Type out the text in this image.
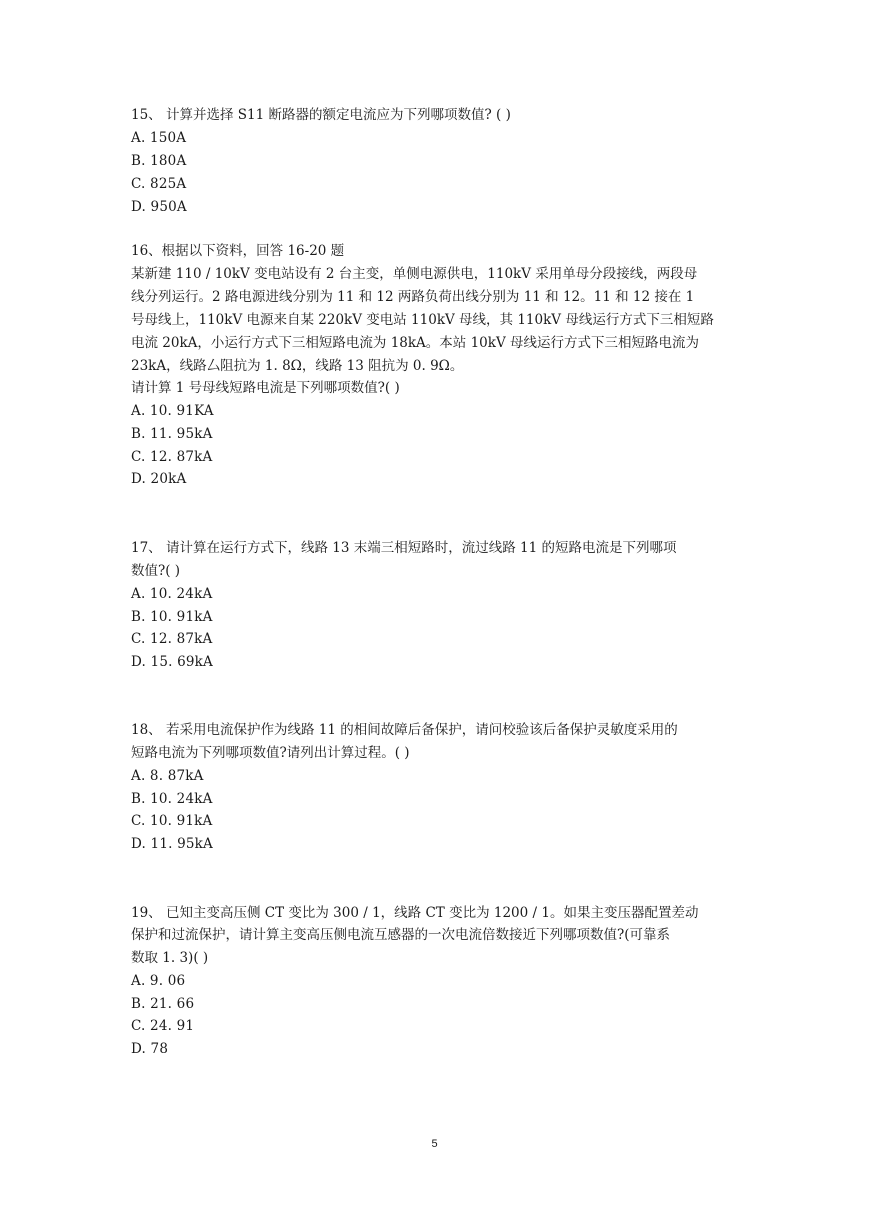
15、 计算并选择 S11 断路器的额定电流应为下列哪项数值? ( )
A. 150A
B. 180A
C. 825A
D. 950A
16、根据以下资料，回答 16-20 题
某新建 110 / 10kV 变电站设有 2 台主变，单侧电源供电，110kV 采用单母分段接线，两段母
线分列运行。2 路电源进线分别为 11 和 12 两路负荷出线分别为 11 和 12。11 和 12 接在 1
号母线上，110kV 电源来自某 220kV 变电站 110kV 母线，其 110kV 母线运行方式下三相短路
电流 20kA，小运行方式下三相短路电流为 18kA。本站 10kV 母线运行方式下三相短路电流为
23kA，线路厶阻抗为 1. 8Ω，线路 13 阻抗为 0. 9Ω。
请计算 1 号母线短路电流是下列哪项数值?( )
A. 10. 91KA
B. 11. 95kA
C. 12. 87kA
D. 20kA
17、 请计算在运行方式下，线路 13 末端三相短路时，流过线路 11 的短路电流是下列哪项
数值?( )
A. 10. 24kA
B. 10. 91kA
C. 12. 87kA
D. 15. 69kA
18、 若采用电流保护作为线路 11 的相间故障后备保护，请问校验该后备保护灵敏度采用的
短路电流为下列哪项数值?请列出计算过程。( )
A. 8. 87kA
B. 10. 24kA
C. 10. 91kA
D. 11. 95kA
19、 已知主变高压侧 CT 变比为 300 / 1，线路 CT 变比为 1200 / 1。如果主变压器配置差动
保护和过流保护，请计算主变高压侧电流互感器的一次电流倍数接近下列哪项数值?(可靠系
数取 1. 3)( )
A. 9. 06
B. 21. 66
C. 24. 91
D. 78
5
